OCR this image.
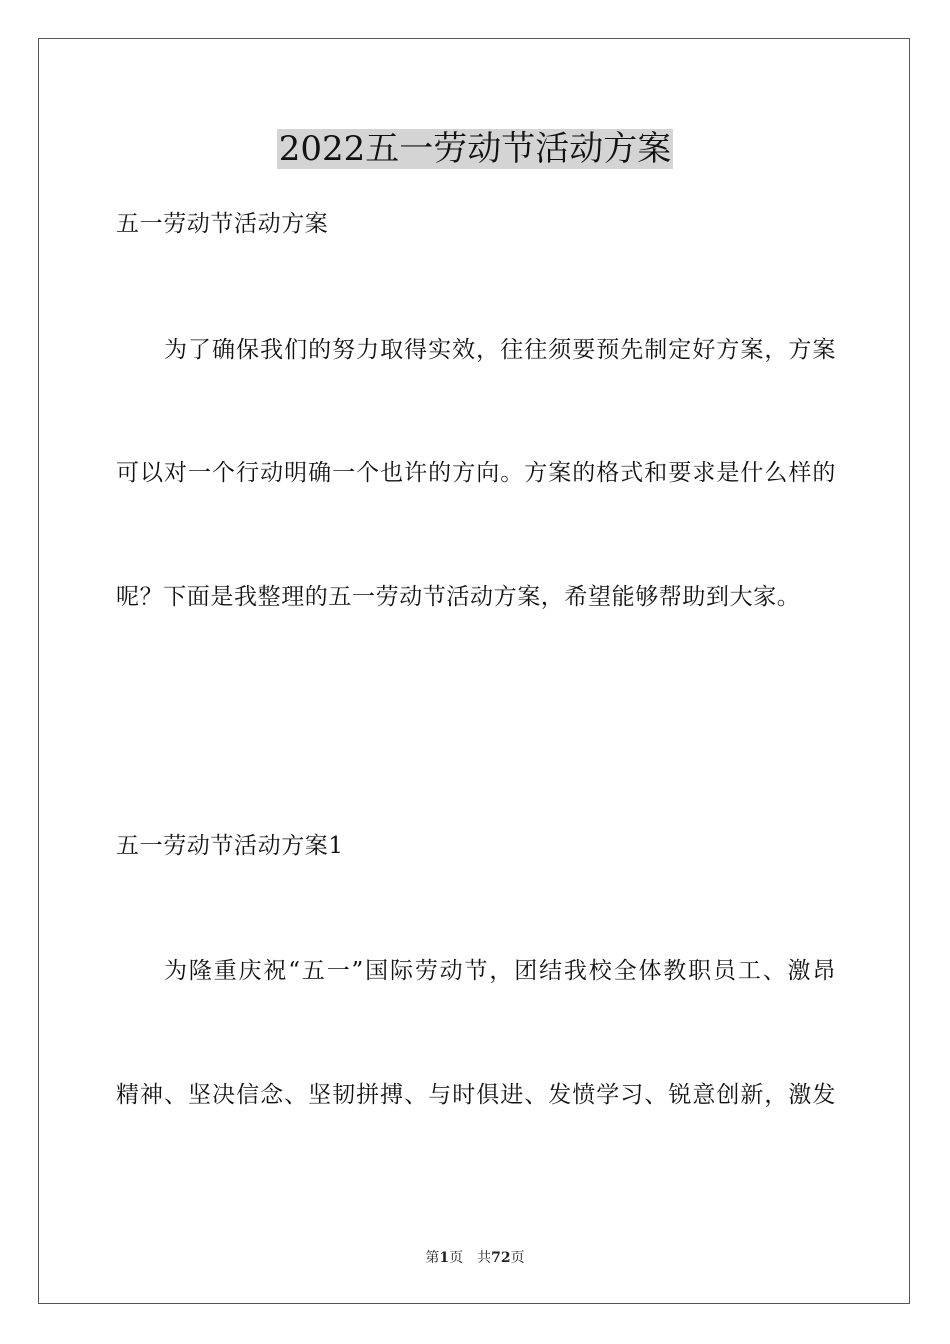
2022五一劳动节活动方案
五一劳动节活动方案
为了确保我们的努力取得实效，往往须要预先制定好方案，方案
可以对一个行动明确一个也许的方向。方案的格式和要求是什么样的
呢？下面是我整理的五一劳动节活动方案，希望能够帮助到大家。
五一劳动节活动方案1
为隆重庆祝“五一”国际劳动节，团结我校全体教职员工、激昂
精神、坚决信念、坚韧拼搏、与时俱进、发愤学习、锐意创新，激发
第1页 共72页
